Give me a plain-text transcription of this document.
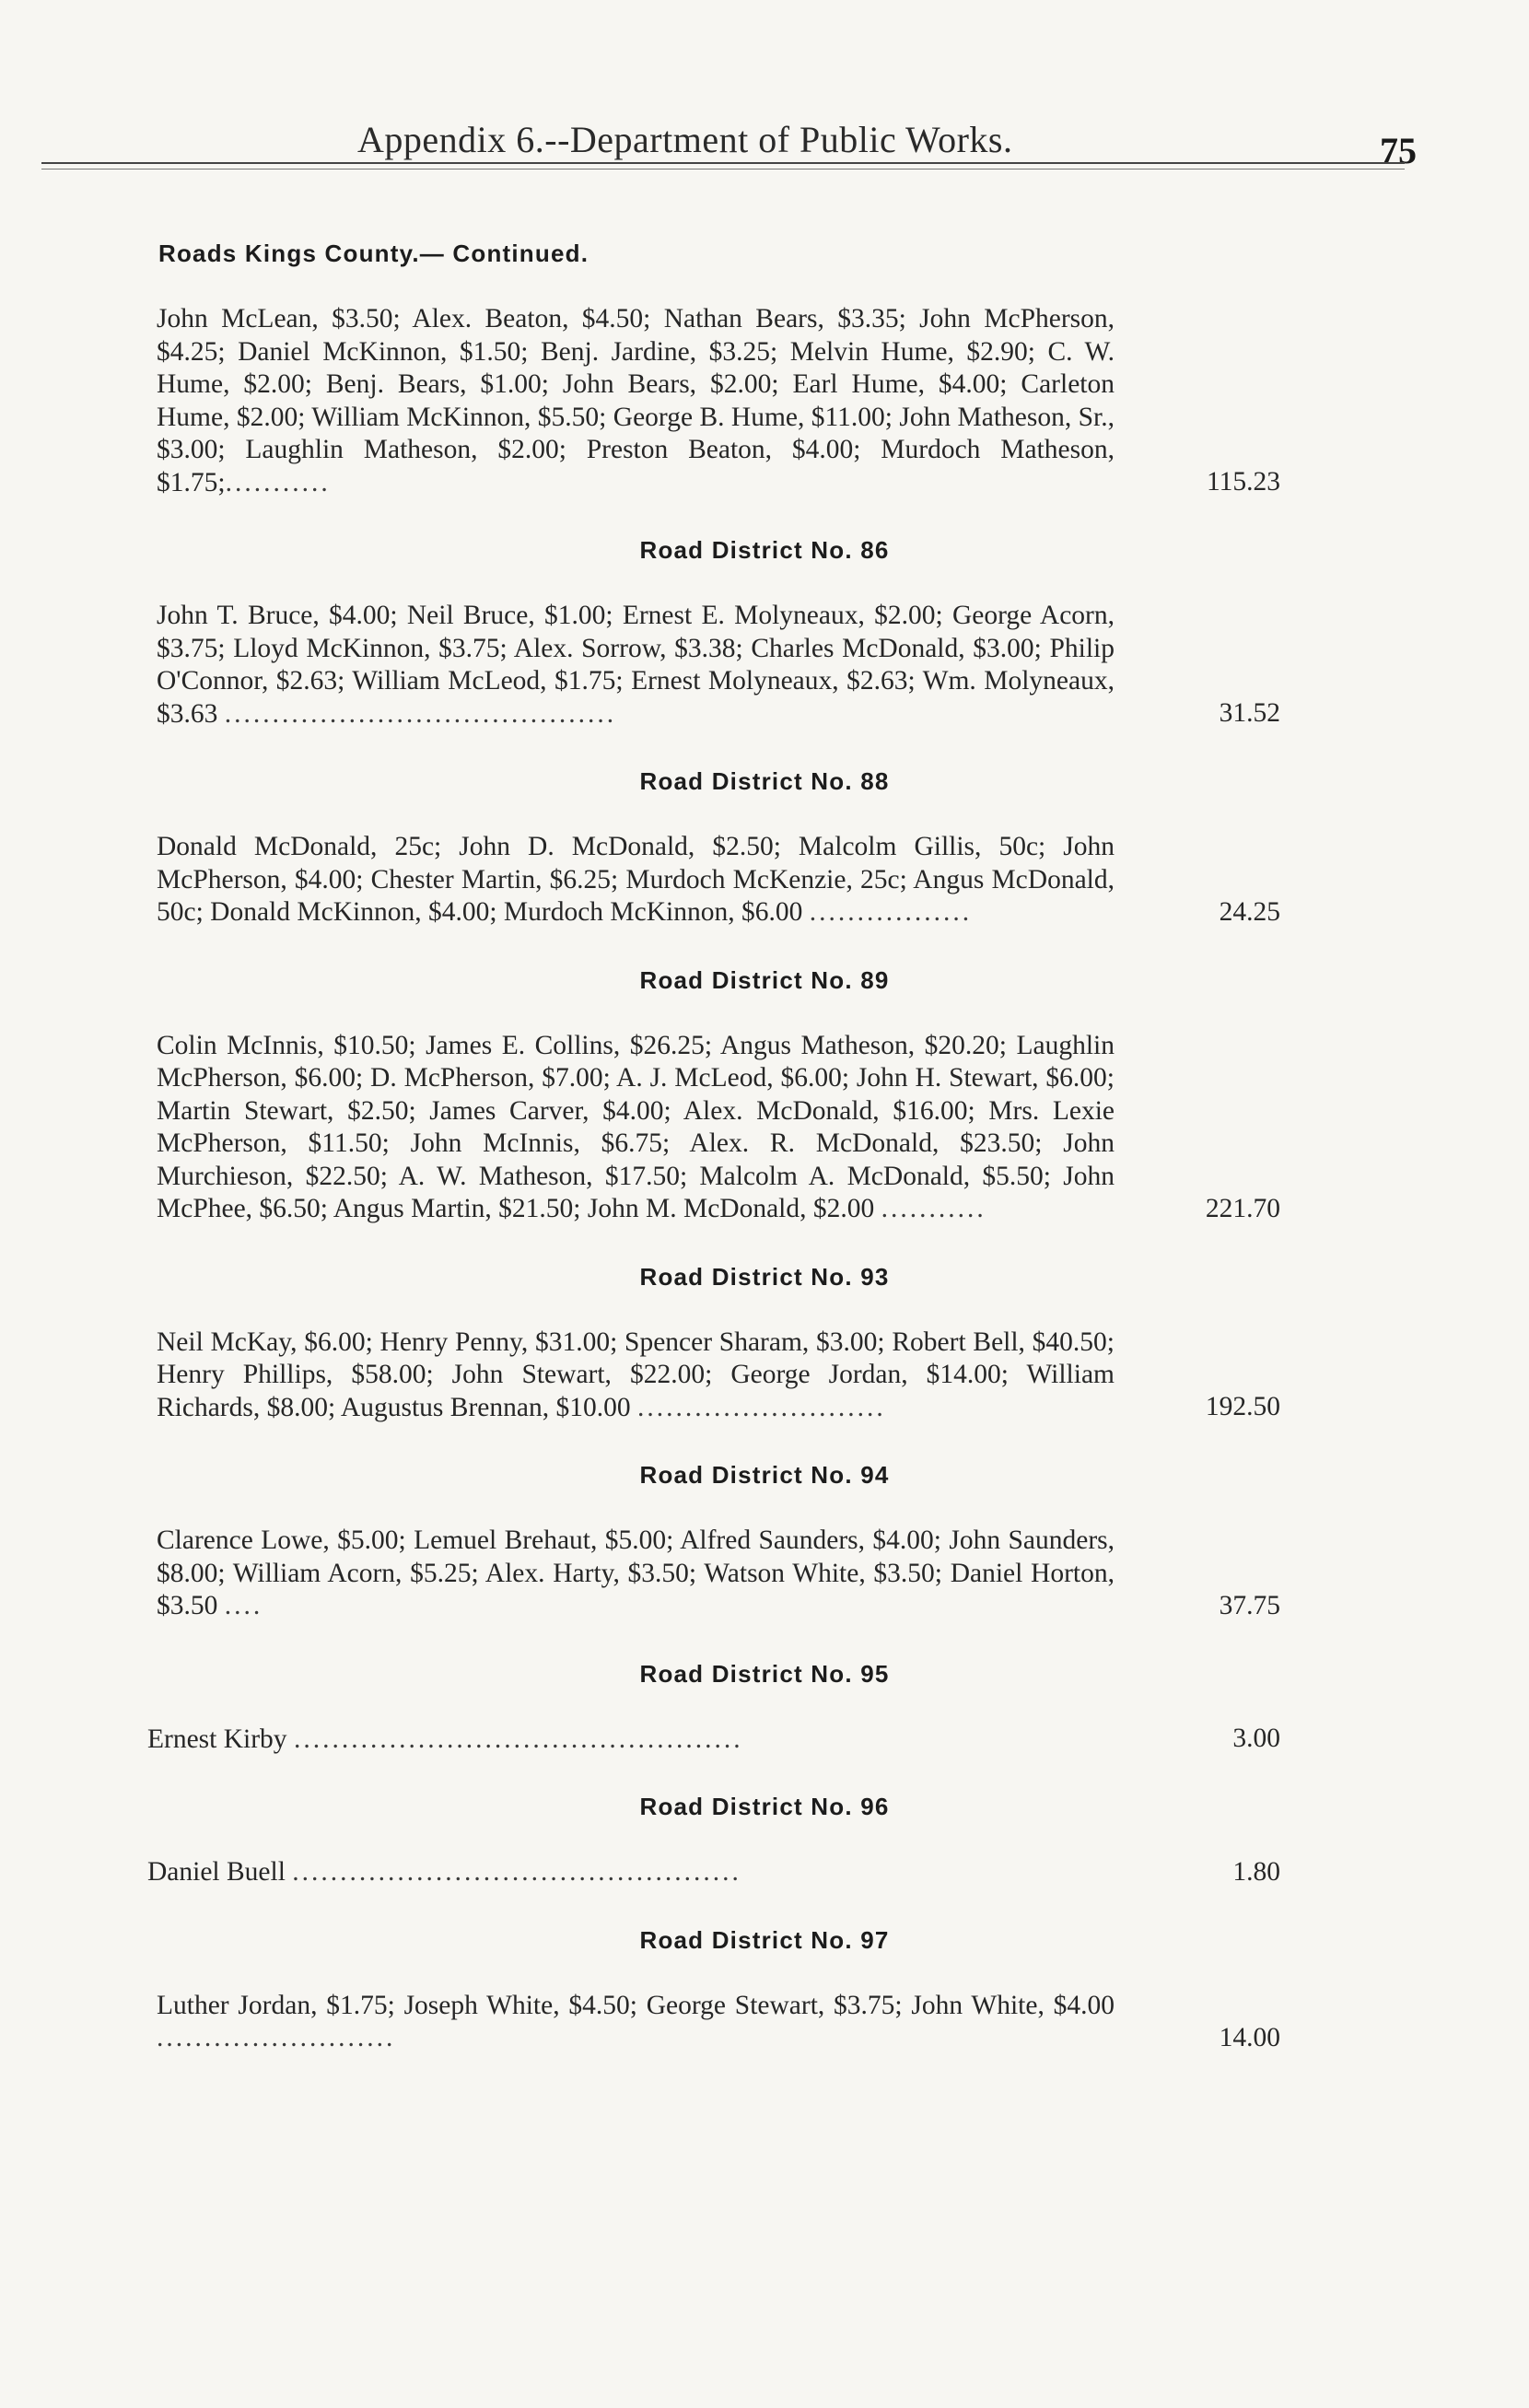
Appendix 6.--Department of Public Works.	75
Roads Kings County.— Continued.
John McLean, $3.50; Alex. Beaton, $4.50; Nathan Bears, $3.35; John McPherson, $4.25; Daniel McKinnon, $1.50; Benj. Jardine, $3.25; Melvin Hume, $2.90; C. W. Hume, $2.00; Benj. Bears, $1.00; John Bears, $2.00; Earl Hume, $4.00; Carleton Hume, $2.00; William McKinnon, $5.50; George B. Hume, $11.00; John Matheson, Sr., $3.00; Laughlin Matheson, $2.00; Preston Beaton, $4.00; Murdoch Matheson, $1.75;...........	115.23
Road District No. 86
John T. Bruce, $4.00; Neil Bruce, $1.00; Ernest E. Molyneaux, $2.00; George Acorn, $3.75; Lloyd McKinnon, $3.75; Alex. Sorrow, $3.38; Charles McDonald, $3.00; Philip O'Connor, $2.63; William McLeod, $1.75; Ernest Molyneaux, $2.63; Wm. Molyneaux, $3.63 .........................................	31.52
Road District No. 88
Donald McDonald, 25c; John D. McDonald, $2.50; Malcolm Gillis, 50c; John McPherson, $4.00; Chester Martin, $6.25; Murdoch McKenzie, 25c; Angus McDonald, 50c; Donald McKinnon, $4.00; Murdoch McKinnon, $6.00 .................	24.25
Road District No. 89
Colin McInnis, $10.50; James E. Collins, $26.25; Angus Matheson, $20.20; Laughlin McPherson, $6.00; D. McPherson, $7.00; A. J. McLeod, $6.00; John H. Stewart, $6.00; Martin Stewart, $2.50; James Carver, $4.00; Alex. McDonald, $16.00; Mrs. Lexie McPherson, $11.50; John McInnis, $6.75; Alex. R. McDonald, $23.50; John Murchieson, $22.50; A. W. Matheson, $17.50; Malcolm A. McDonald, $5.50; John McPhee, $6.50; Angus Martin, $21.50; John M. McDonald, $2.00 ...........	221.70
Road District No. 93
Neil McKay, $6.00; Henry Penny, $31.00; Spencer Sharam, $3.00; Robert Bell, $40.50; Henry Phillips, $58.00; John Stewart, $22.00; George Jordan, $14.00; William Richards, $8.00; Augustus Brennan, $10.00 ..........................	192.50
Road District No. 94
Clarence Lowe, $5.00; Lemuel Brehaut, $5.00; Alfred Saunders, $4.00; John Saunders, $8.00; William Acorn, $5.25; Alex. Harty, $3.50; Watson White, $3.50; Daniel Horton, $3.50 ....	37.75
Road District No. 95
Ernest Kirby ...............................................	3.00
Road District No. 96
Daniel Buell ...............................................	1.80
Road District No. 97
Luther Jordan, $1.75; Joseph White, $4.50; George Stewart, $3.75; John White, $4.00 .........................	14.00
